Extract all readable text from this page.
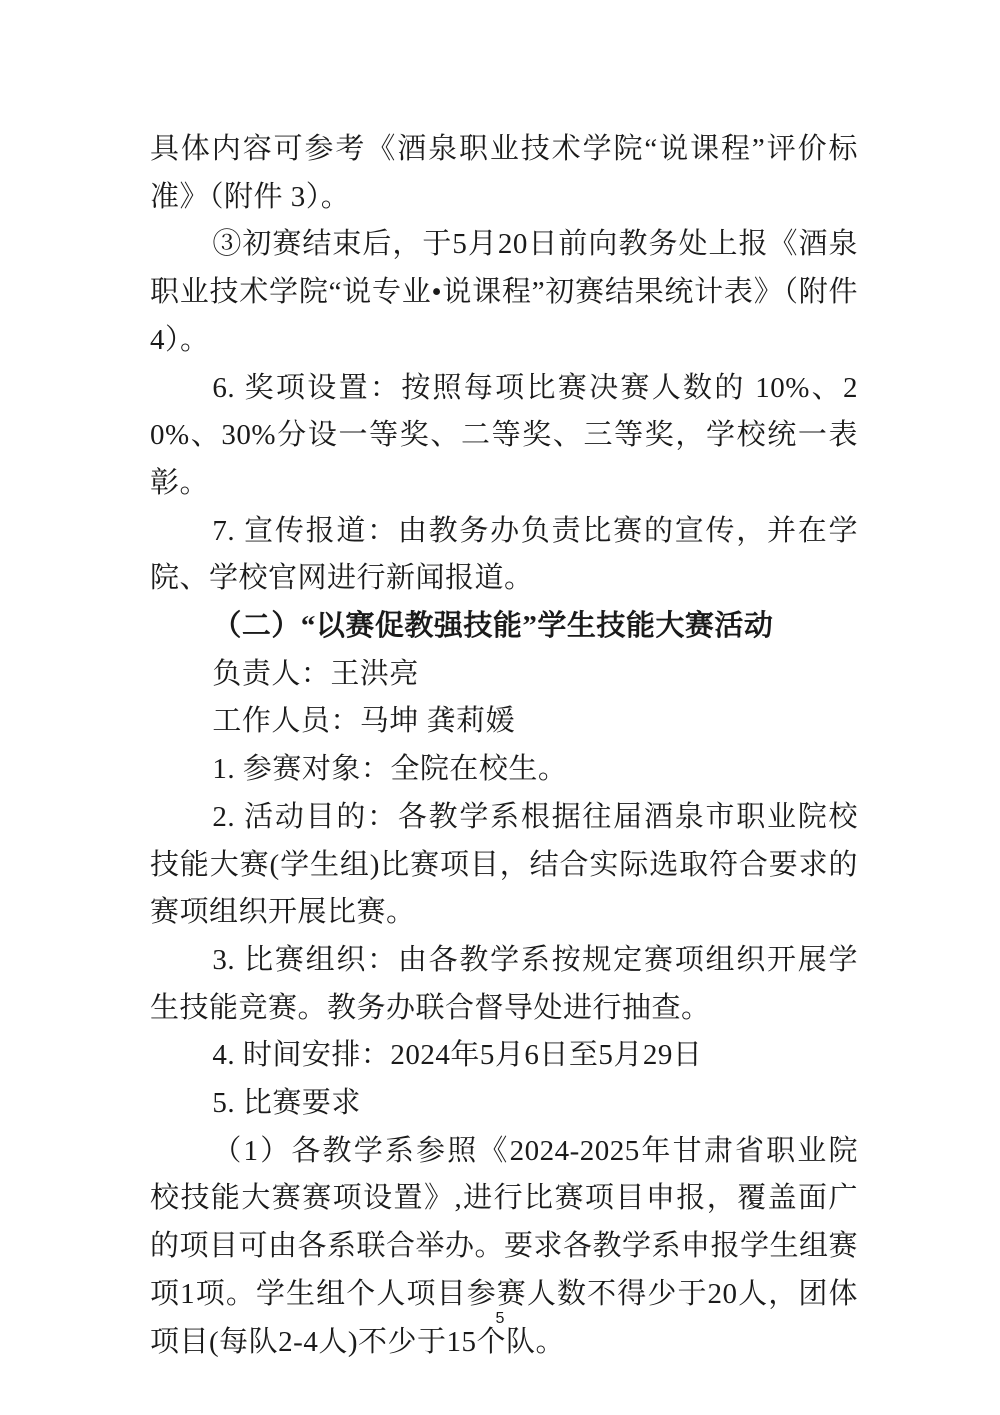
具体内容可参考《酒泉职业技术学院“说课程”评价标准》（附件 3）。

③初赛结束后，于5月20日前向教务处上报《酒泉职业技术学院“说专业•说课程”初赛结果统计表》（附件4）。

6. 奖项设置：按照每项比赛决赛人数的 10%、20%、30%分设一等奖、二等奖、三等奖，学校统一表彰。

7. 宣传报道：由教务办负责比赛的宣传，并在学院、学校官网进行新闻报道。

（二）“以赛促教强技能”学生技能大赛活动

负责人：王洪亮

工作人员：马坤 龚莉媛

1. 参赛对象：全院在校生。

2. 活动目的：各教学系根据往届酒泉市职业院校技能大赛(学生组)比赛项目，结合实际选取符合要求的赛项组织开展比赛。

3. 比赛组织：由各教学系按规定赛项组织开展学生技能竞赛。教务办联合督导处进行抽查。

4. 时间安排：2024年5月6日至5月29日

5. 比赛要求

（1）各教学系参照《2024-2025年甘肃省职业院校技能大赛赛项设置》,进行比赛项目申报，覆盖面广的项目可由各系联合举办。要求各教学系申报学生组赛项1项。学生组个人项目参赛人数不得少于20人，团体项目(每队2-4人)不少于15个队。

5
